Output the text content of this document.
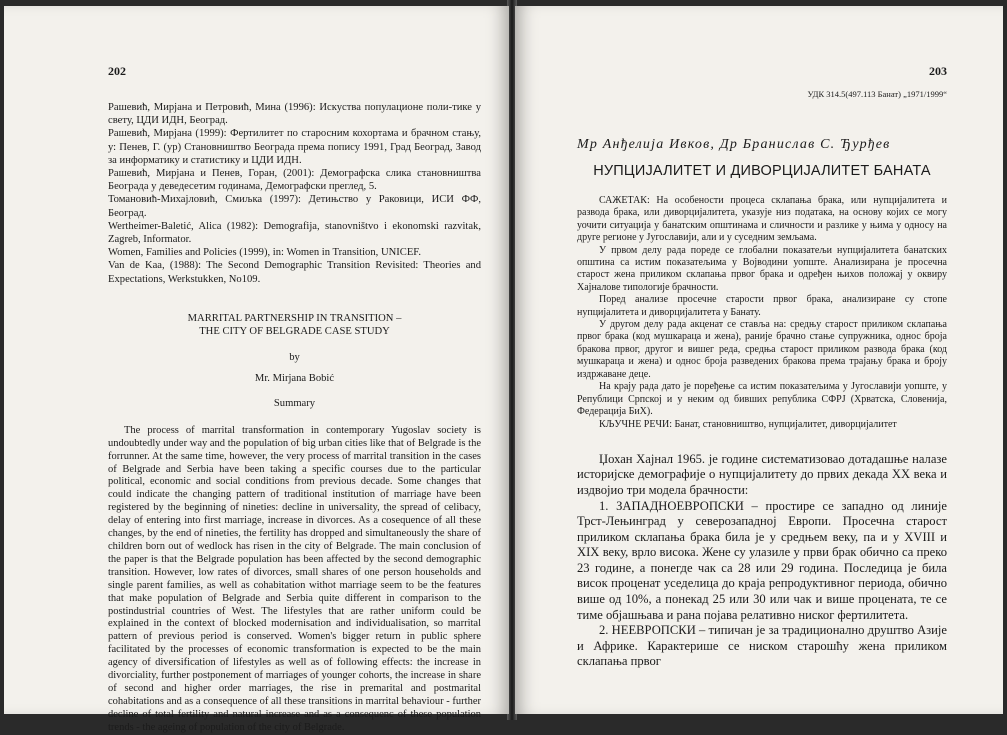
202
Рашевић, Мирјана и Петровић, Мина (1996): Искуства популационе поли-тике у свету, ЦДИ ИДН, Београд.
Рашевић, Мирјана (1999): Фертилитет по старосним кохортама и брачном стању, у: Пенев, Г. (ур) Становништво Београда према попису 1991, Град Београд, Завод за информатику и статистику и ЦДИ ИДН.
Рашевић, Мирјана и Пенев, Горан, (2001): Демографска слика становништва Београда у деведесетим годинама, Демографски преглед, 5.
Томановић-Михајловић, Смиљка (1997): Детињство у Раковици, ИСИ ФФ, Београд.
Wertheimer-Baletić, Alica (1982): Demografija, stanovništvo i ekonomski razvitak, Zagreb, Informator.
Women, Families and Policies (1999), in: Women in Transition, UNICEF.
Van de Kaa, (1988): The Second Demographic Transition Revisited: Theories and Expectations, Werkstukken, No109.
MARRITAL PARTNERSHIP IN TRANSITION –
THE CITY OF BELGRADE CASE STUDY
by
Mr. Mirjana Bobić
Summary
The process of marrital transformation in contemporary Yugoslav society is undoubtedly under way and the population of big urban cities like that of Belgrade is the forrunner. At the same time, however, the very process of marrital transition in the cases of Belgrade and Serbia have been taking a specific courses due to the particular political, economic and social conditions from previous decade. Some changes that could indicate the changing pattern of traditional institution of marriage have been registered by the beginning of nineties: decline in universality, the spread of celibacy, delay of entering into first marriage, increase in divorces. As a cosequence of all these changes, by the end of nineties, the fertility has dropped and simultaneously the share of children born out of wedlock has risen in the city of Belgrade. The main conclusion of the paper is that the Belgrade population has been affected by the second demographic transition. However, low rates of divorces, small shares of one person households and single parent families, as well as cohabitation withot marriage seem to be the features that make population of Belgrade and Serbia quite different in comparison to the postindustrial countries of West. The lifestyles that are rather uniform could be explained in the context of blocked modernisation and individualisation, so marrital pattern of previous period is conserved. Women's bigger return in public sphere facilitated by the processes of economic transformation is expected to be the main agency of diversification of lifestyles as well as of following effects: the increase in divorciality, further postponement of marriages of younger cohorts, the increase in share of second and higher order marriages, the rise in premarital and postmarital cohabitations and as a consequence of all these transitions in marrital behaviour - further decline of total fertility and natural increase and as a consequenc of these population trends - the ageing of population of the city of Belgrade.
203
УДК 314.5(497.113 Банат) „1971/1999“
Мр Анђелија Ивков, Др Бранислав С. Ђурђев
НУПЦИЈАЛИТЕТ И ДИВОРЦИЈАЛИТЕТ БАНАТА

САЖЕТАК: На особености процеса склапања брака, или нупцијалитета и развода брака, или диворцијалитета, указује низ података, на основу којих се могу уочити ситуација у банатским општинама и сличности и разлике у њима у односу на друге регионе у Југославији, али и у суседним земљама.

У првом делу рада пореде се глобални показатељи нупцијалитета банатских општина са истим показатељима у Војводини уопште. Анализирана је просечна старост жена приликом склапања првог брака и одређен њихов положај у оквиру Хајналове типологије брачности.

Поред анализе просечне старости првог брака, анализиране су стопе нупцијалитета и диворцијалитета у Банату.

У другом делу рада акценат се ставља на: средњу старост приликом склапања првог брака (код мушкараца и жена), раније брачно стање супружника, однос броја бракова првог, другог и вишег реда, средња старост приликом развода брака (код мушкараца и жена) и однос броја разведених бракова према трајању брака и броју издржаване деце.

На крају рада дато је поређење са истим показатељима у Југославији уопште, у Републици Српској и у неким од бивших република СФРЈ (Хрватска, Словенија, Федерација БиХ).

КЉУЧНЕ РЕЧИ: Банат, становништво, нупцијалитет, диворцијалитет

Џохан Хајнал 1965. је године систематизовао дотадашње налазе историјске демографије о нупцијалитету до првих декада ХХ века и издвојио три модела брачности:

1. ЗАПАДНОЕВРОПСКИ – простире се западно од линије Трст-Лењинград у северозападној Европи. Просечна старост приликом склапања брака била је у средњем веку, па и у XVIII и XIX веку, врло висока. Жене су улазиле у први брак обично са преко 23 године, а понегде чак са 28 или 29 година. Последица је била висок проценат уседелица до краја репродуктивног периода, обично више од 10%, а понекад 25 или 30 или чак и више процената, те се тиме објашњава и рана појава релативно ниског фертилитета.

2. НЕЕВРОПСКИ – типичан је за традиционално друштво Азије и Африке. Карактерише се ниском старошћу жена приликом склапања првог
